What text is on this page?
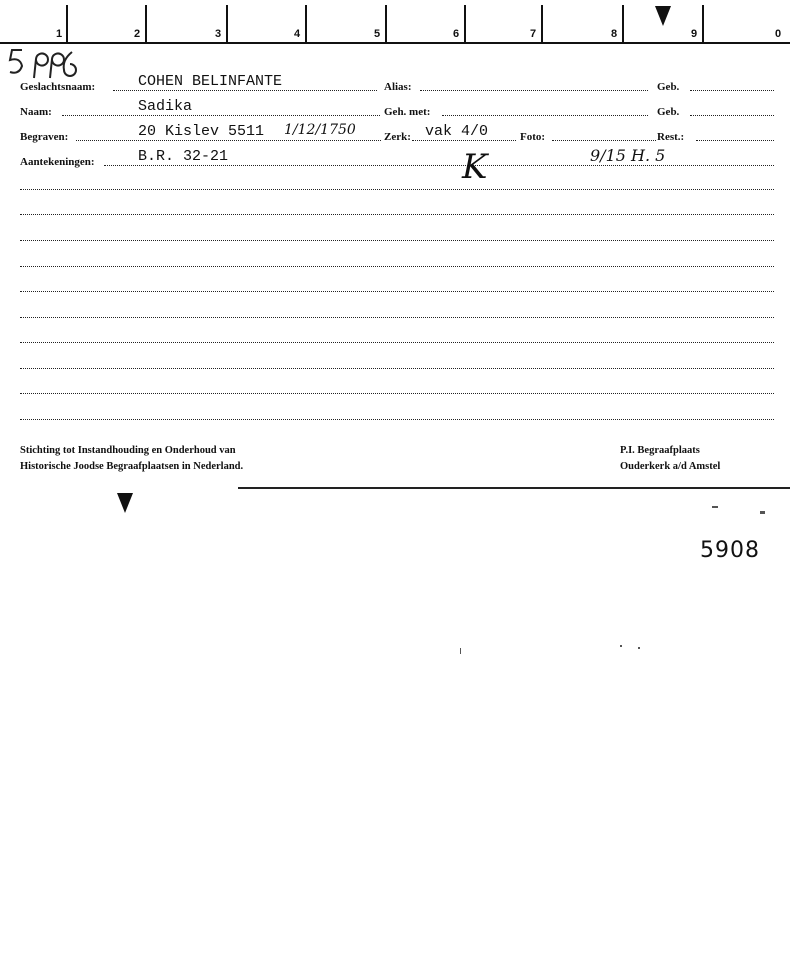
1	2	3	4	5	6	7	8	9	0
Geslachtsnaam:	COHEN BELINFANTE	Alias:	Geb.
Naam:	Sadika	Geh. met:	Geb.
Begraven:	20 Kislev 5511 1/12/1750	Zerk: vak 4/0	Foto:	Rest.:
Aantekeningen:	B.R. 32-21	K	9/15 H. 5
Stichting tot Instandhouding en Onderhoud van
Historische Joodse Begraafplaatsen in Nederland.
P.I. Begraafplaats
Ouderkerk a/d Amstel
5908
